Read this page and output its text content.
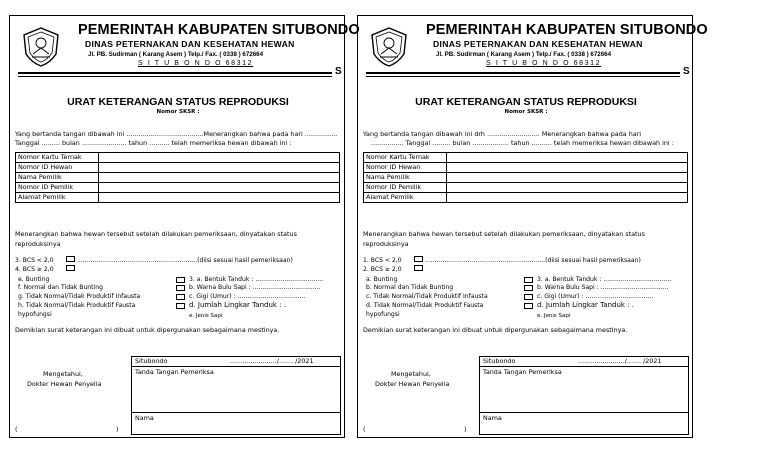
PEMERINTAH KABUPATEN SITUBONDO
DINAS PETERNAKAN DAN KESEHATAN HEWAN
Jl. PB. Sudirman ( Karang Asem ) Telp./ Fax. ( 0338 ) 672664
S I T U B O N D O 68312
S
URAT KETERANGAN STATUS REPRODUKSI
Nomor SKSR :
Yang bertanda tangan dibawah ini ......................................Menerangkan bahwa pada hari ................
Tanggal ......... bulan ...................... tahun .......... telah memeriksa hewan dibawah ini :
Nomor Kartu Ternak	
Nomor ID Hewan	
Nama Pemilik	
Nomor ID Pemilik	
Alamat Pemilik	
Menerangkan bahwa hewan tersebut setelah dilakukan pemeriksaan, dinyatakan status
reproduksinya
3. BCS < 2,0	..............................................................(diisi sesuai hasil pemeriksaan)
4. BCS ≥ 2,0
e. Bunting
f. Normal dan Tidak Bunting
g. Tidak Normal/Tidak Produktif Infausta
h. Tidak Normal/Tidak Produktif Fausta
hypofungsi
3. a. Bentuk Tanduk : ...................................
b. Warna Bulu Sapi : ...................................
c. Gigi (Umur) : ...................................
d. Jumlah Lingkar Tanduk : .
e. Jenis Sapi
Demikian surat keterangan ini dibuat untuk dipergunakan sebagaimana mestinya.
Situbondo	......................./....... /2021
Tanda Tangan Pemeriksa
Nama
Mengetahui,
Dokter Hewan Penyelia
(	)
PEMERINTAH KABUPATEN SITUBONDO
DINAS PETERNAKAN DAN KESEHATAN HEWAN
Jl. PB. Sudirman ( Karang Asem ) Telp./ Fax. ( 0338 ) 672664
S I T U B O N D O 68312
S
URAT KETERANGAN STATUS REPRODUKSI
Nomor SKSR :
Yang bertanda tangan dibawah ini drh .......................... Menerangkan bahwa pada hari
................ Tanggal ......... bulan .................. tahun .......... telah memeriksa hewan dibawah ini :
Nomor Kartu Ternak	
Nomor ID Hewan	
Nama Pemilik	
Nomor ID Pemilik	
Alamat Pemilik	
Menerangkan bahwa hewan tersebut setelah dilakukan pemeriksaan, dinyatakan status
reproduksinya
1. BCS < 2,0	..............................................................(diisi sesuai hasil pemeriksaan)
2. BCS ≥ 2,0
a. Bunting
b. Normal dan Tidak Bunting
c. Tidak Normal/Tidak Produktif Infausta
d. Tidak Normal/Tidak Produktif Fausta
hypofungsi
3. a. Bentuk Tanduk : ...................................
b. Warna Bulu Sapi : ...................................
c. Gigi (Umur) : ...................................
d. Jumlah Lingkar Tanduk : .
e. Jenis Sapi
Demikian surat keterangan ini dibuat untuk dipergunakan sebagaimana mestinya.
Situbondo	......................./....... /2021
Tanda Tangan Pemeriksa
Nama
Mengetahui,
Dokter Hewan Penyelia
(	)
